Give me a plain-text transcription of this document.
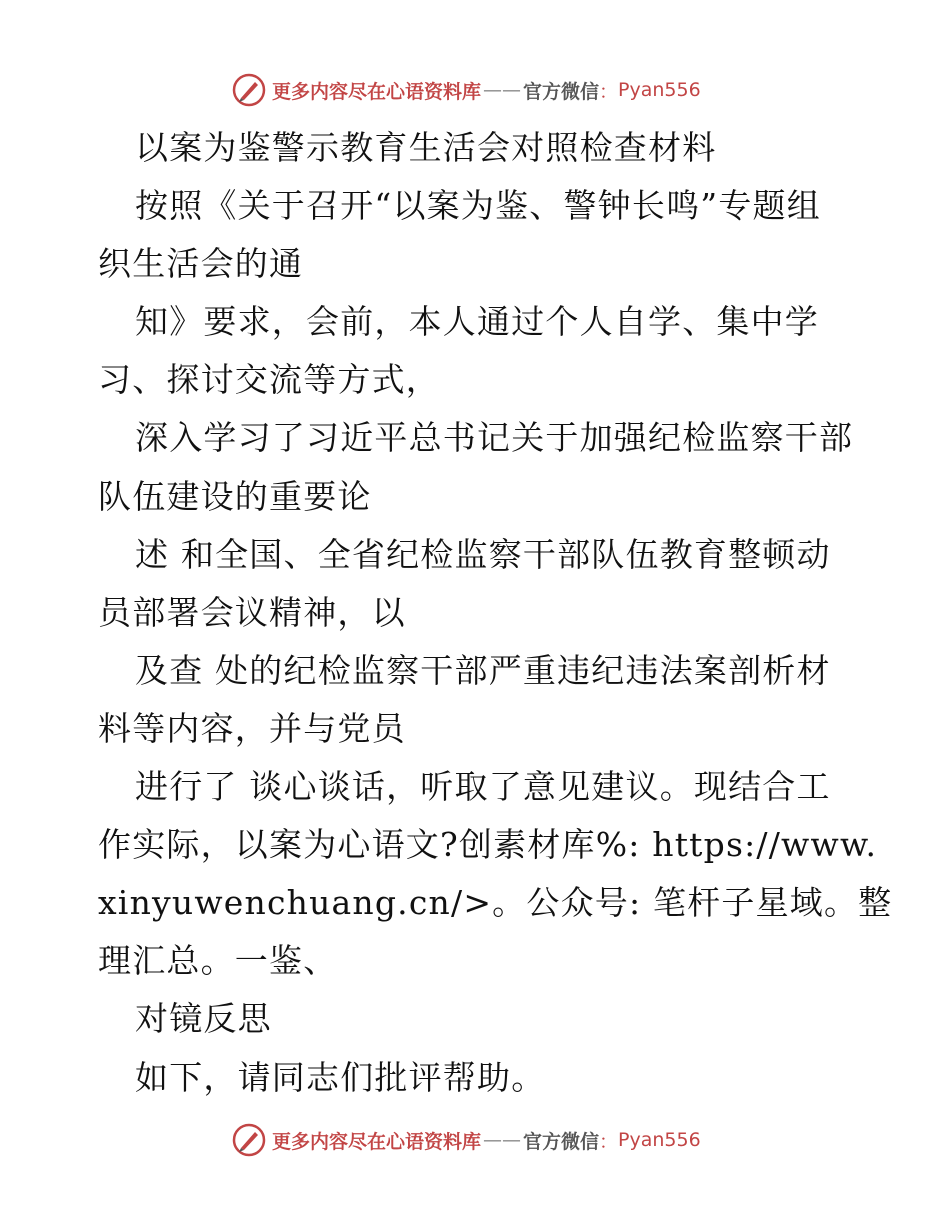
更多内容尽在心语资料库 —— 官方微信 ： Pyan556

以案为鉴警示教育生活会对照检查材料

按照《关于召开“以案为鉴、警钟长鸣”专题组

织生活会的通

知》要求，会前，本人通过个人自学、集中学

习、探讨交流等方式，

深入学习了习近平总书记关于加强纪检监察干部

队伍建设的重要论

述 和全国、全省纪检监察干部队伍教育整顿动

员部署会议精神，以

及查 处的纪检监察干部严重违纪违法案剖析材

料等内容，并与党员

进行了 谈心谈话，听取了意见建议。现结合工

作实际，以案为心语文?创素材库%: https://www.

xinyuwenchuang.cn/>。公众号: 笔杆子星域。整

理汇总。一鉴、

对镜反思

如下，请同志们批评帮助。

更多内容尽在心语资料库 —— 官方微信 ： Pyan556
